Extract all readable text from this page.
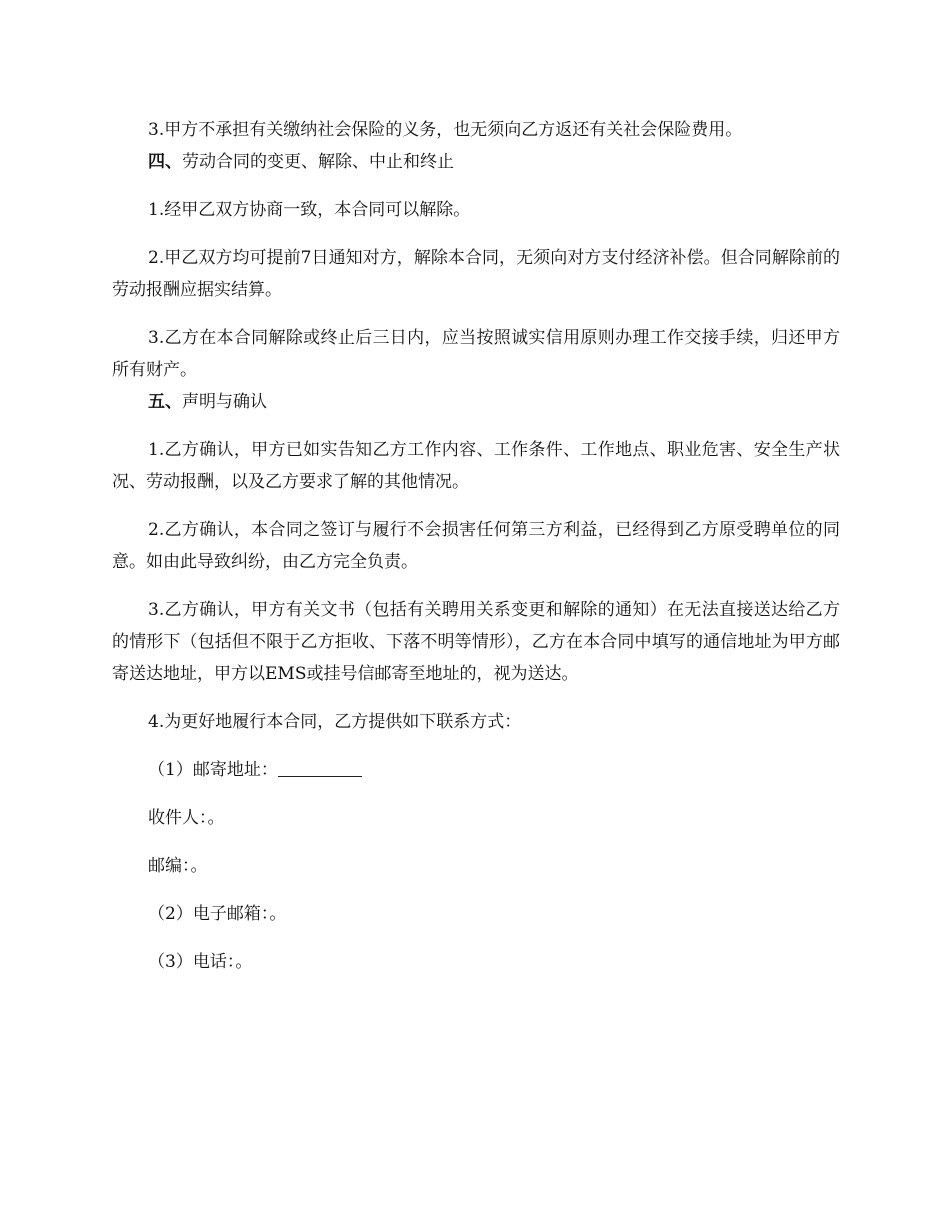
3.甲方不承担有关缴纳社会保险的义务，也无须向乙方返还有关社会保险费用。

四、劳动合同的变更、解除、中止和终止

1.经甲乙双方协商一致，本合同可以解除。

2.甲乙双方均可提前7日通知对方，解除本合同，无须向对方支付经济补偿。但合同解除前的劳动报酬应据实结算。

3.乙方在本合同解除或终止后三日内，应当按照诚实信用原则办理工作交接手续，归还甲方所有财产。

五、声明与确认

1.乙方确认，甲方已如实告知乙方工作内容、工作条件、工作地点、职业危害、安全生产状况、劳动报酬，以及乙方要求了解的其他情况。

2.乙方确认，本合同之签订与履行不会损害任何第三方利益，已经得到乙方原受聘单位的同意。如由此导致纠纷，由乙方完全负责。

3.乙方确认，甲方有关文书（包括有关聘用关系变更和解除的通知）在无法直接送达给乙方的情形下（包括但不限于乙方拒收、下落不明等情形），乙方在本合同中填写的通信地址为甲方邮寄送达地址，甲方以EMS或挂号信邮寄至地址的，视为送达。

4.为更好地履行本合同，乙方提供如下联系方式：

（1）邮寄地址：

收件人：。

邮编：。

（2）电子邮箱：。

（3）电话：。
